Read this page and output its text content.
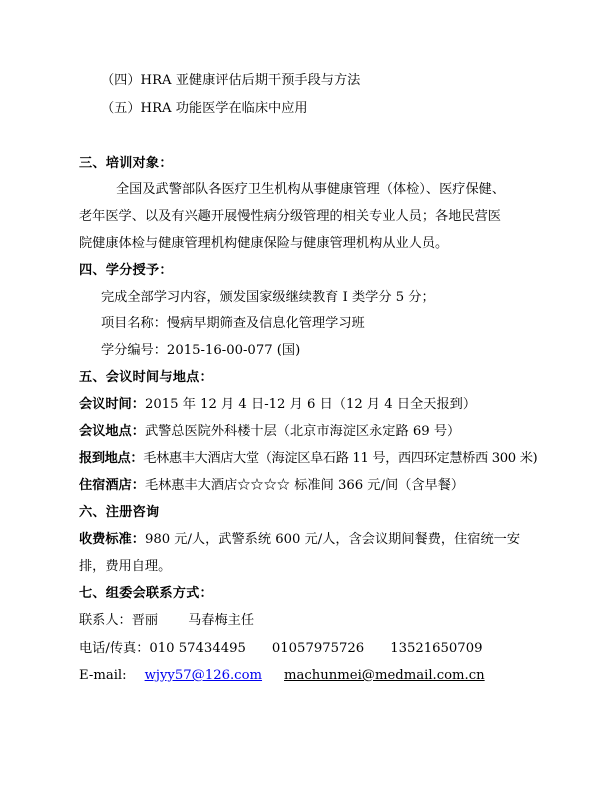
（四）HRA 亚健康评估后期干预手段与方法
（五）HRA 功能医学在临床中应用
三、培训对象：
全国及武警部队各医疗卫生机构从事健康管理（体检）、医疗保健、
老年医学、以及有兴趣开展慢性病分级管理的相关专业人员；各地民营医
院健康体检与健康管理机构健康保险与健康管理机构从业人员。
四、学分授予：
完成全部学习内容，颁发国家级继续教育 I 类学分 5 分；
项目名称：慢病早期筛查及信息化管理学习班
学分编号：2015-16-00-077 (国)
五、会议时间与地点：
会议时间：2015 年 12 月 4 日-12 月 6 日（12 月 4 日全天报到）
会议地点：武警总医院外科楼十层（北京市海淀区永定路 69 号）
报到地点：毛林惠丰大酒店大堂（海淀区阜石路 11 号，西四环定慧桥西 300 米)
住宿酒店：毛林惠丰大酒店☆☆☆☆ 标准间 366 元/间（含早餐）
六、注册咨询
收费标准：980 元/人，武警系统 600 元/人，含会议期间餐费，住宿统一安
排，费用自理。
七、组委会联系方式：
联系人：晋丽 马春梅主任
电话/传真：010 57434495 01057975726 13521650709
E-mail: wjyy57@126.com machunmei@medmail.com.cn
